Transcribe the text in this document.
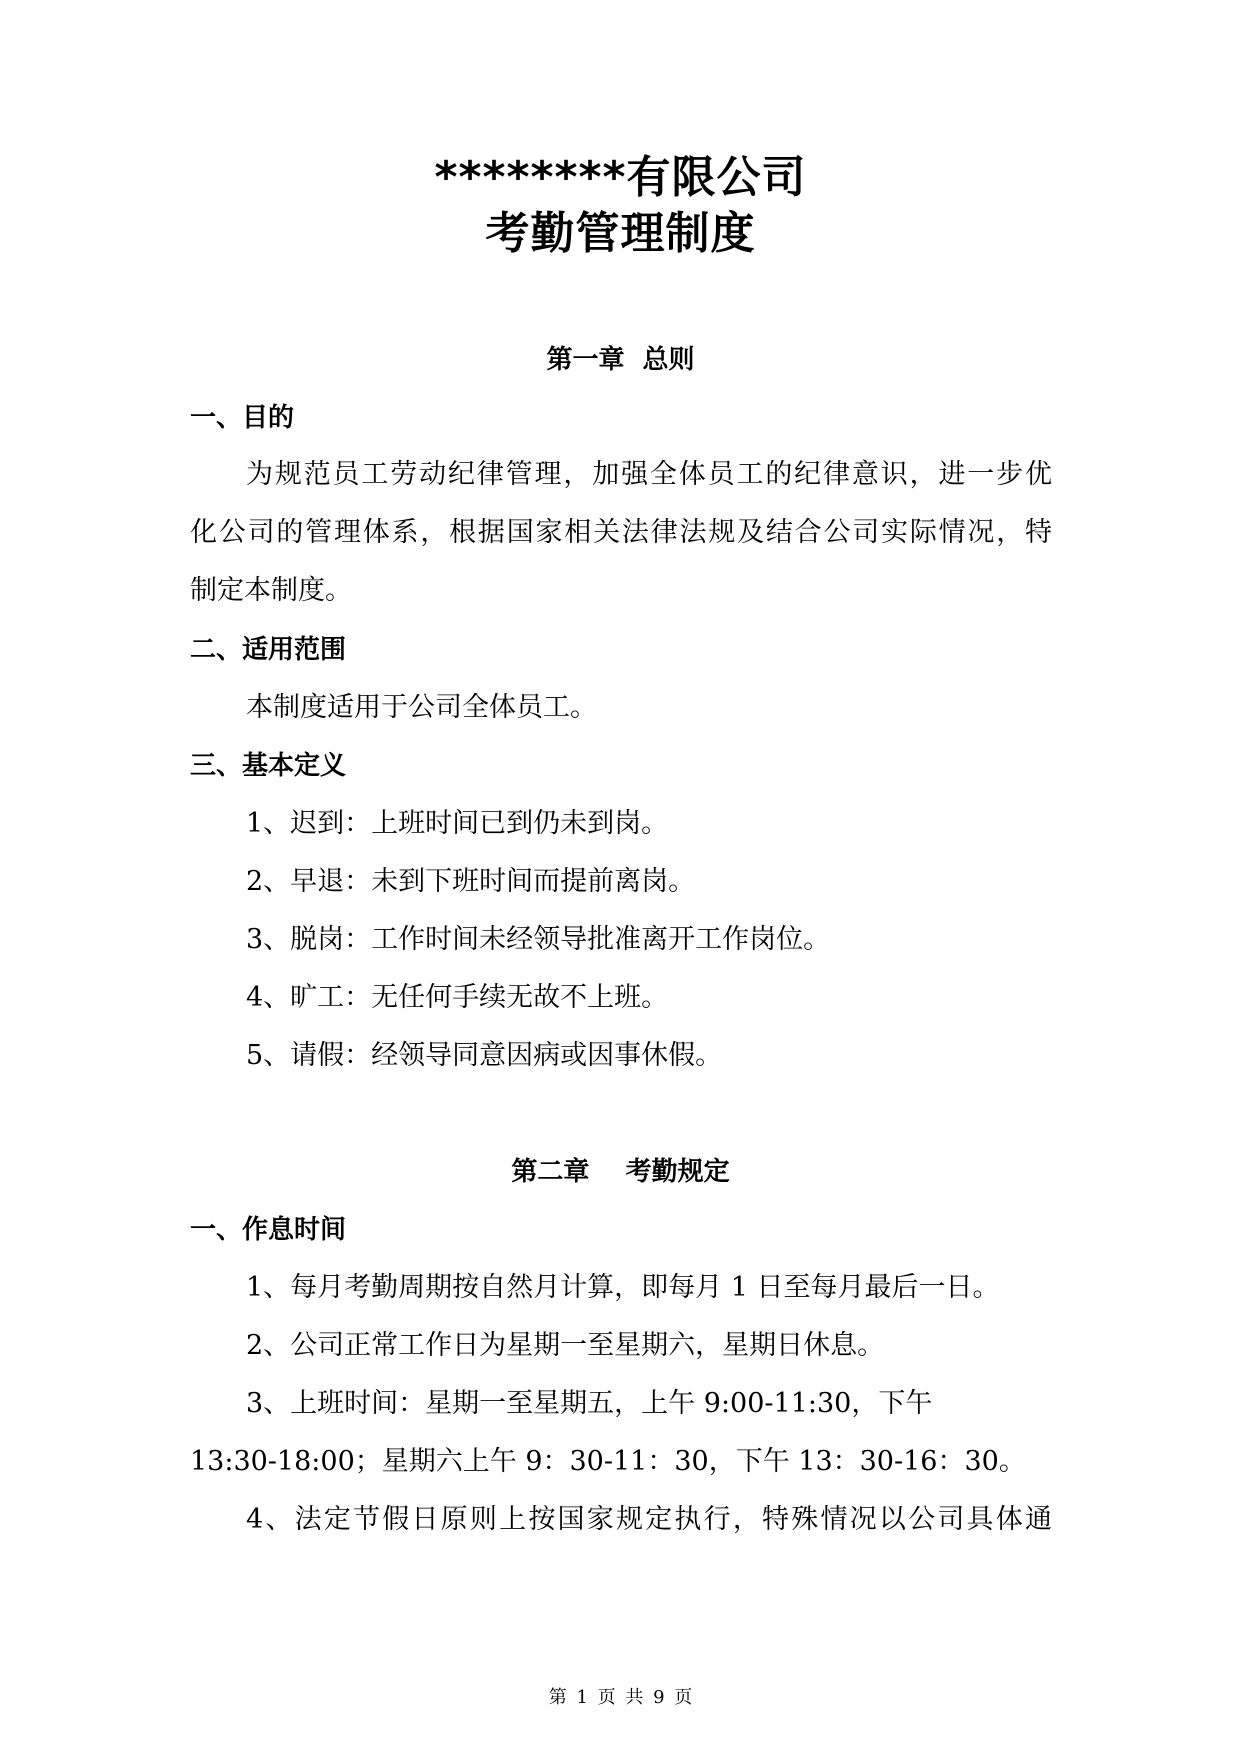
********有限公司
考勤管理制度
第一章  总则
一、目的
为规范员工劳动纪律管理，加强全体员工的纪律意识，进一步优
化公司的管理体系，根据国家相关法律法规及结合公司实际情况，特
制定本制度。
二、适用范围
本制度适用于公司全体员工。
三、基本定义
1、迟到：上班时间已到仍未到岗。
2、早退：未到下班时间而提前离岗。
3、脱岗：工作时间未经领导批准离开工作岗位。
4、旷工：无任何手续无故不上班。
5、请假：经领导同意因病或因事休假。
第二章    考勤规定
一、作息时间
1、每月考勤周期按自然月计算，即每月 1 日至每月最后一日。
2、公司正常工作日为星期一至星期六，星期日休息。
3、上班时间：星期一至星期五，上午 9:00-11:30，下午
13:30-18:00；星期六上午 9：30-11：30，下午 13：30-16：30。
4、法定节假日原则上按国家规定执行，特殊情况以公司具体通
第 1 页 共 9 页
